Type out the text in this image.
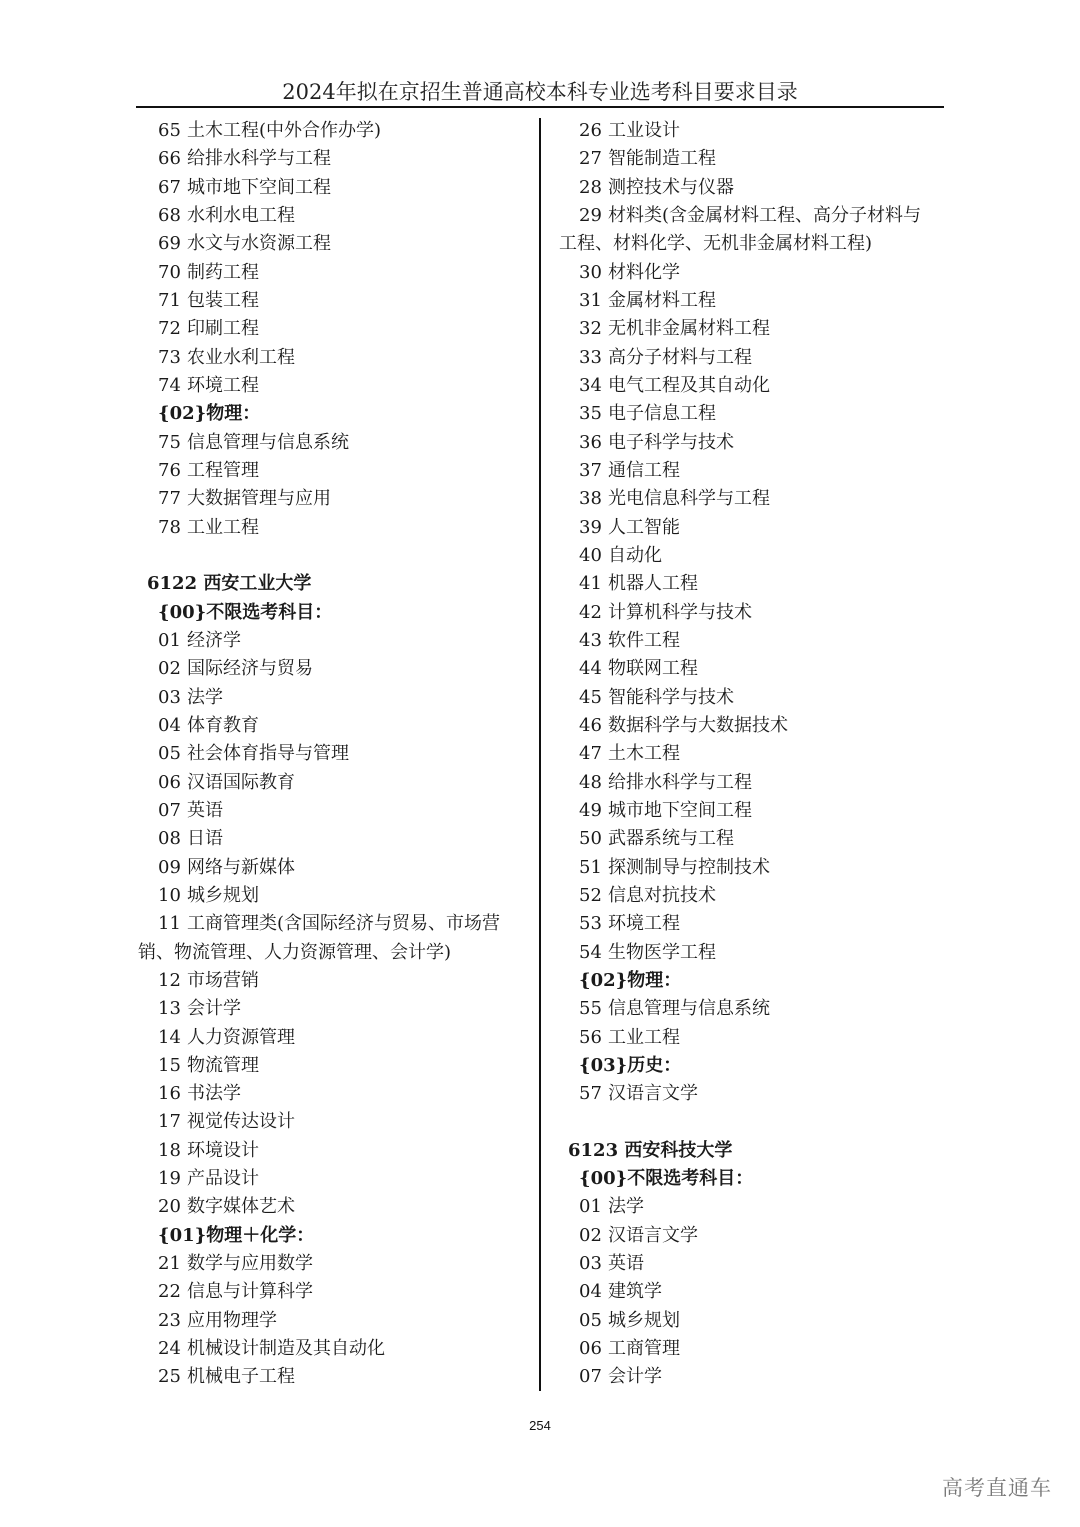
2024年拟在京招生普通高校本科专业选考科目要求目录
65 土木工程(中外合作办学)
66 给排水科学与工程
67 城市地下空间工程
68 水利水电工程
69 水文与水资源工程
70 制药工程
71 包装工程
72 印刷工程
73 农业水利工程
74 环境工程
{02}物理：
75 信息管理与信息系统
76 工程管理
77 大数据管理与应用
78 工业工程
6122 西安工业大学
{00}不限选考科目：
01 经济学
02 国际经济与贸易
03 法学
04 体育教育
05 社会体育指导与管理
06 汉语国际教育
07 英语
08 日语
09 网络与新媒体
10 城乡规划
11 工商管理类(含国际经济与贸易、市场营
销、物流管理、人力资源管理、会计学)
12 市场营销
13 会计学
14 人力资源管理
15 物流管理
16 书法学
17 视觉传达设计
18 环境设计
19 产品设计
20 数字媒体艺术
{01}物理＋化学：
21 数学与应用数学
22 信息与计算科学
23 应用物理学
24 机械设计制造及其自动化
25 机械电子工程
26 工业设计
27 智能制造工程
28 测控技术与仪器
29 材料类(含金属材料工程、高分子材料与
工程、材料化学、无机非金属材料工程)
30 材料化学
31 金属材料工程
32 无机非金属材料工程
33 高分子材料与工程
34 电气工程及其自动化
35 电子信息工程
36 电子科学与技术
37 通信工程
38 光电信息科学与工程
39 人工智能
40 自动化
41 机器人工程
42 计算机科学与技术
43 软件工程
44 物联网工程
45 智能科学与技术
46 数据科学与大数据技术
47 土木工程
48 给排水科学与工程
49 城市地下空间工程
50 武器系统与工程
51 探测制导与控制技术
52 信息对抗技术
53 环境工程
54 生物医学工程
{02}物理：
55 信息管理与信息系统
56 工业工程
{03}历史：
57 汉语言文学
6123 西安科技大学
{00}不限选考科目：
01 法学
02 汉语言文学
03 英语
04 建筑学
05 城乡规划
06 工商管理
07 会计学
254
高考直通车
